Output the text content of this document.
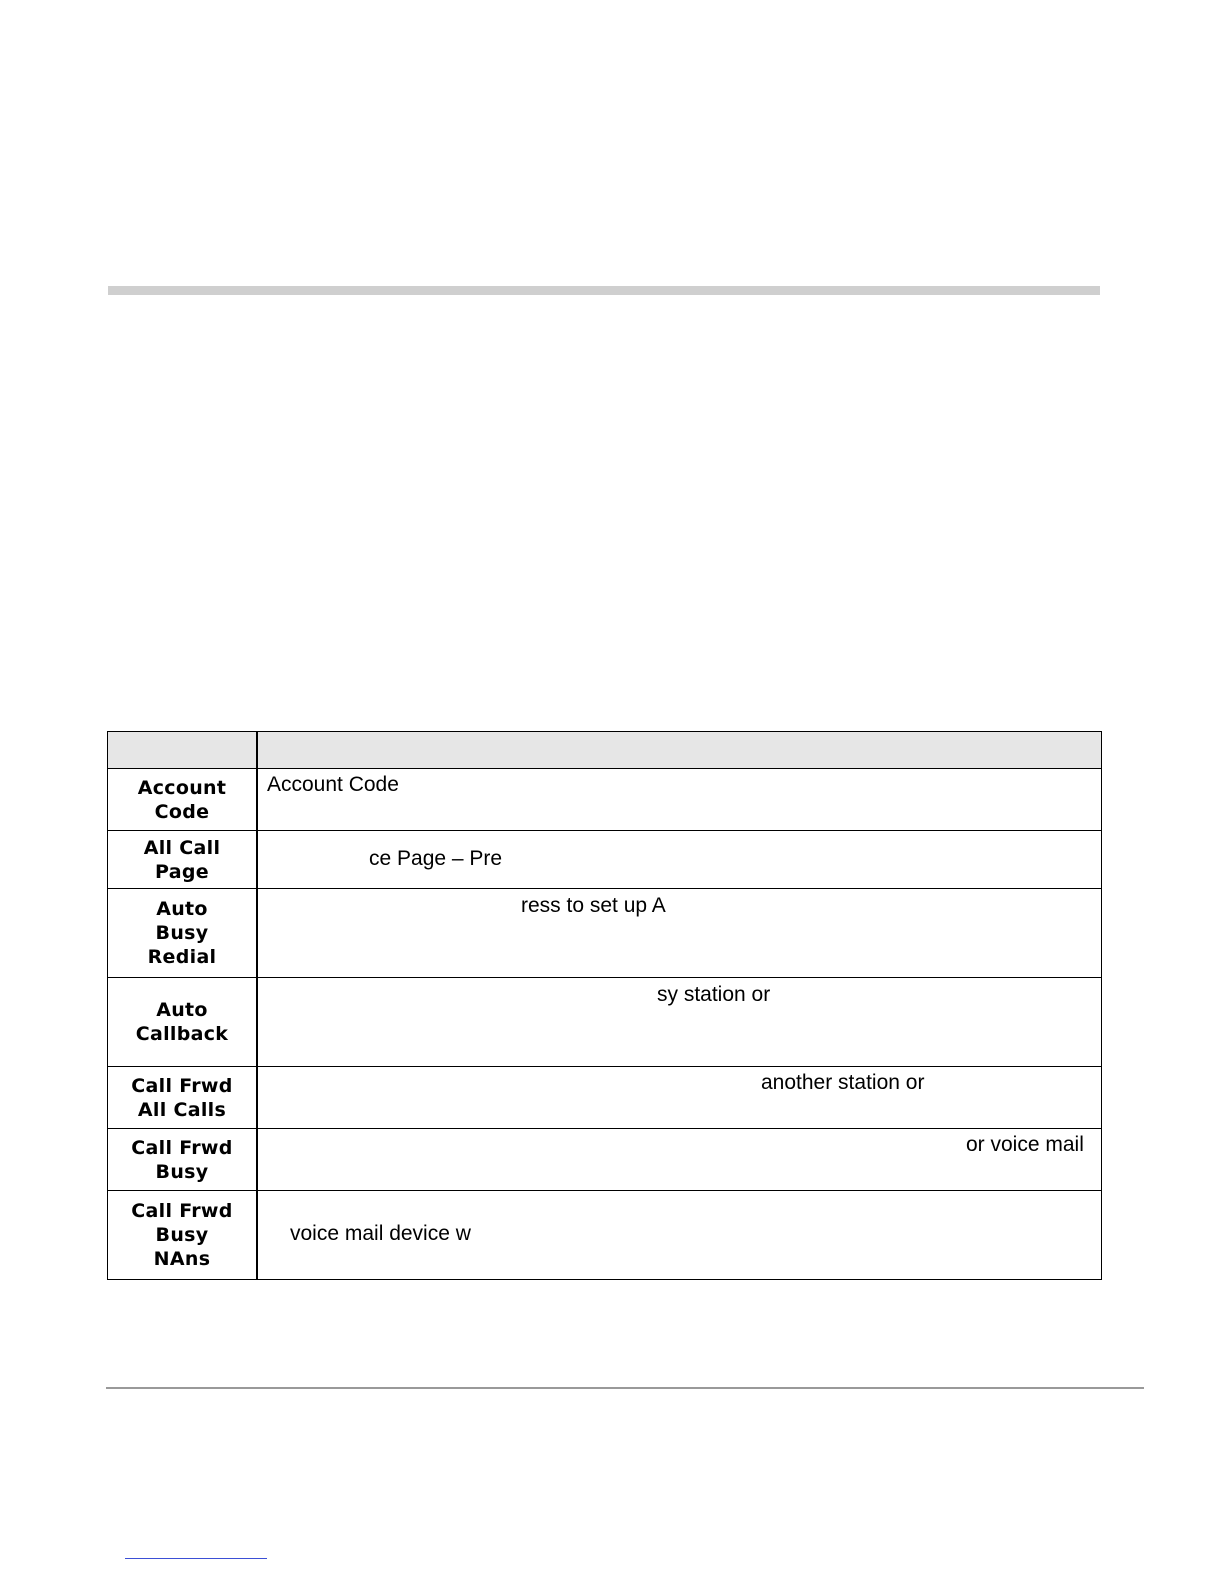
Account Code	Account Code

All Call Page	ce Page – Pre

Auto Busy Redial	ress to set up A

Auto Callback	sy station or

Call Frwd All Calls	another station or

Call Frwd Busy	or voice mail

Call Frwd Busy NAns	voice mail device w
